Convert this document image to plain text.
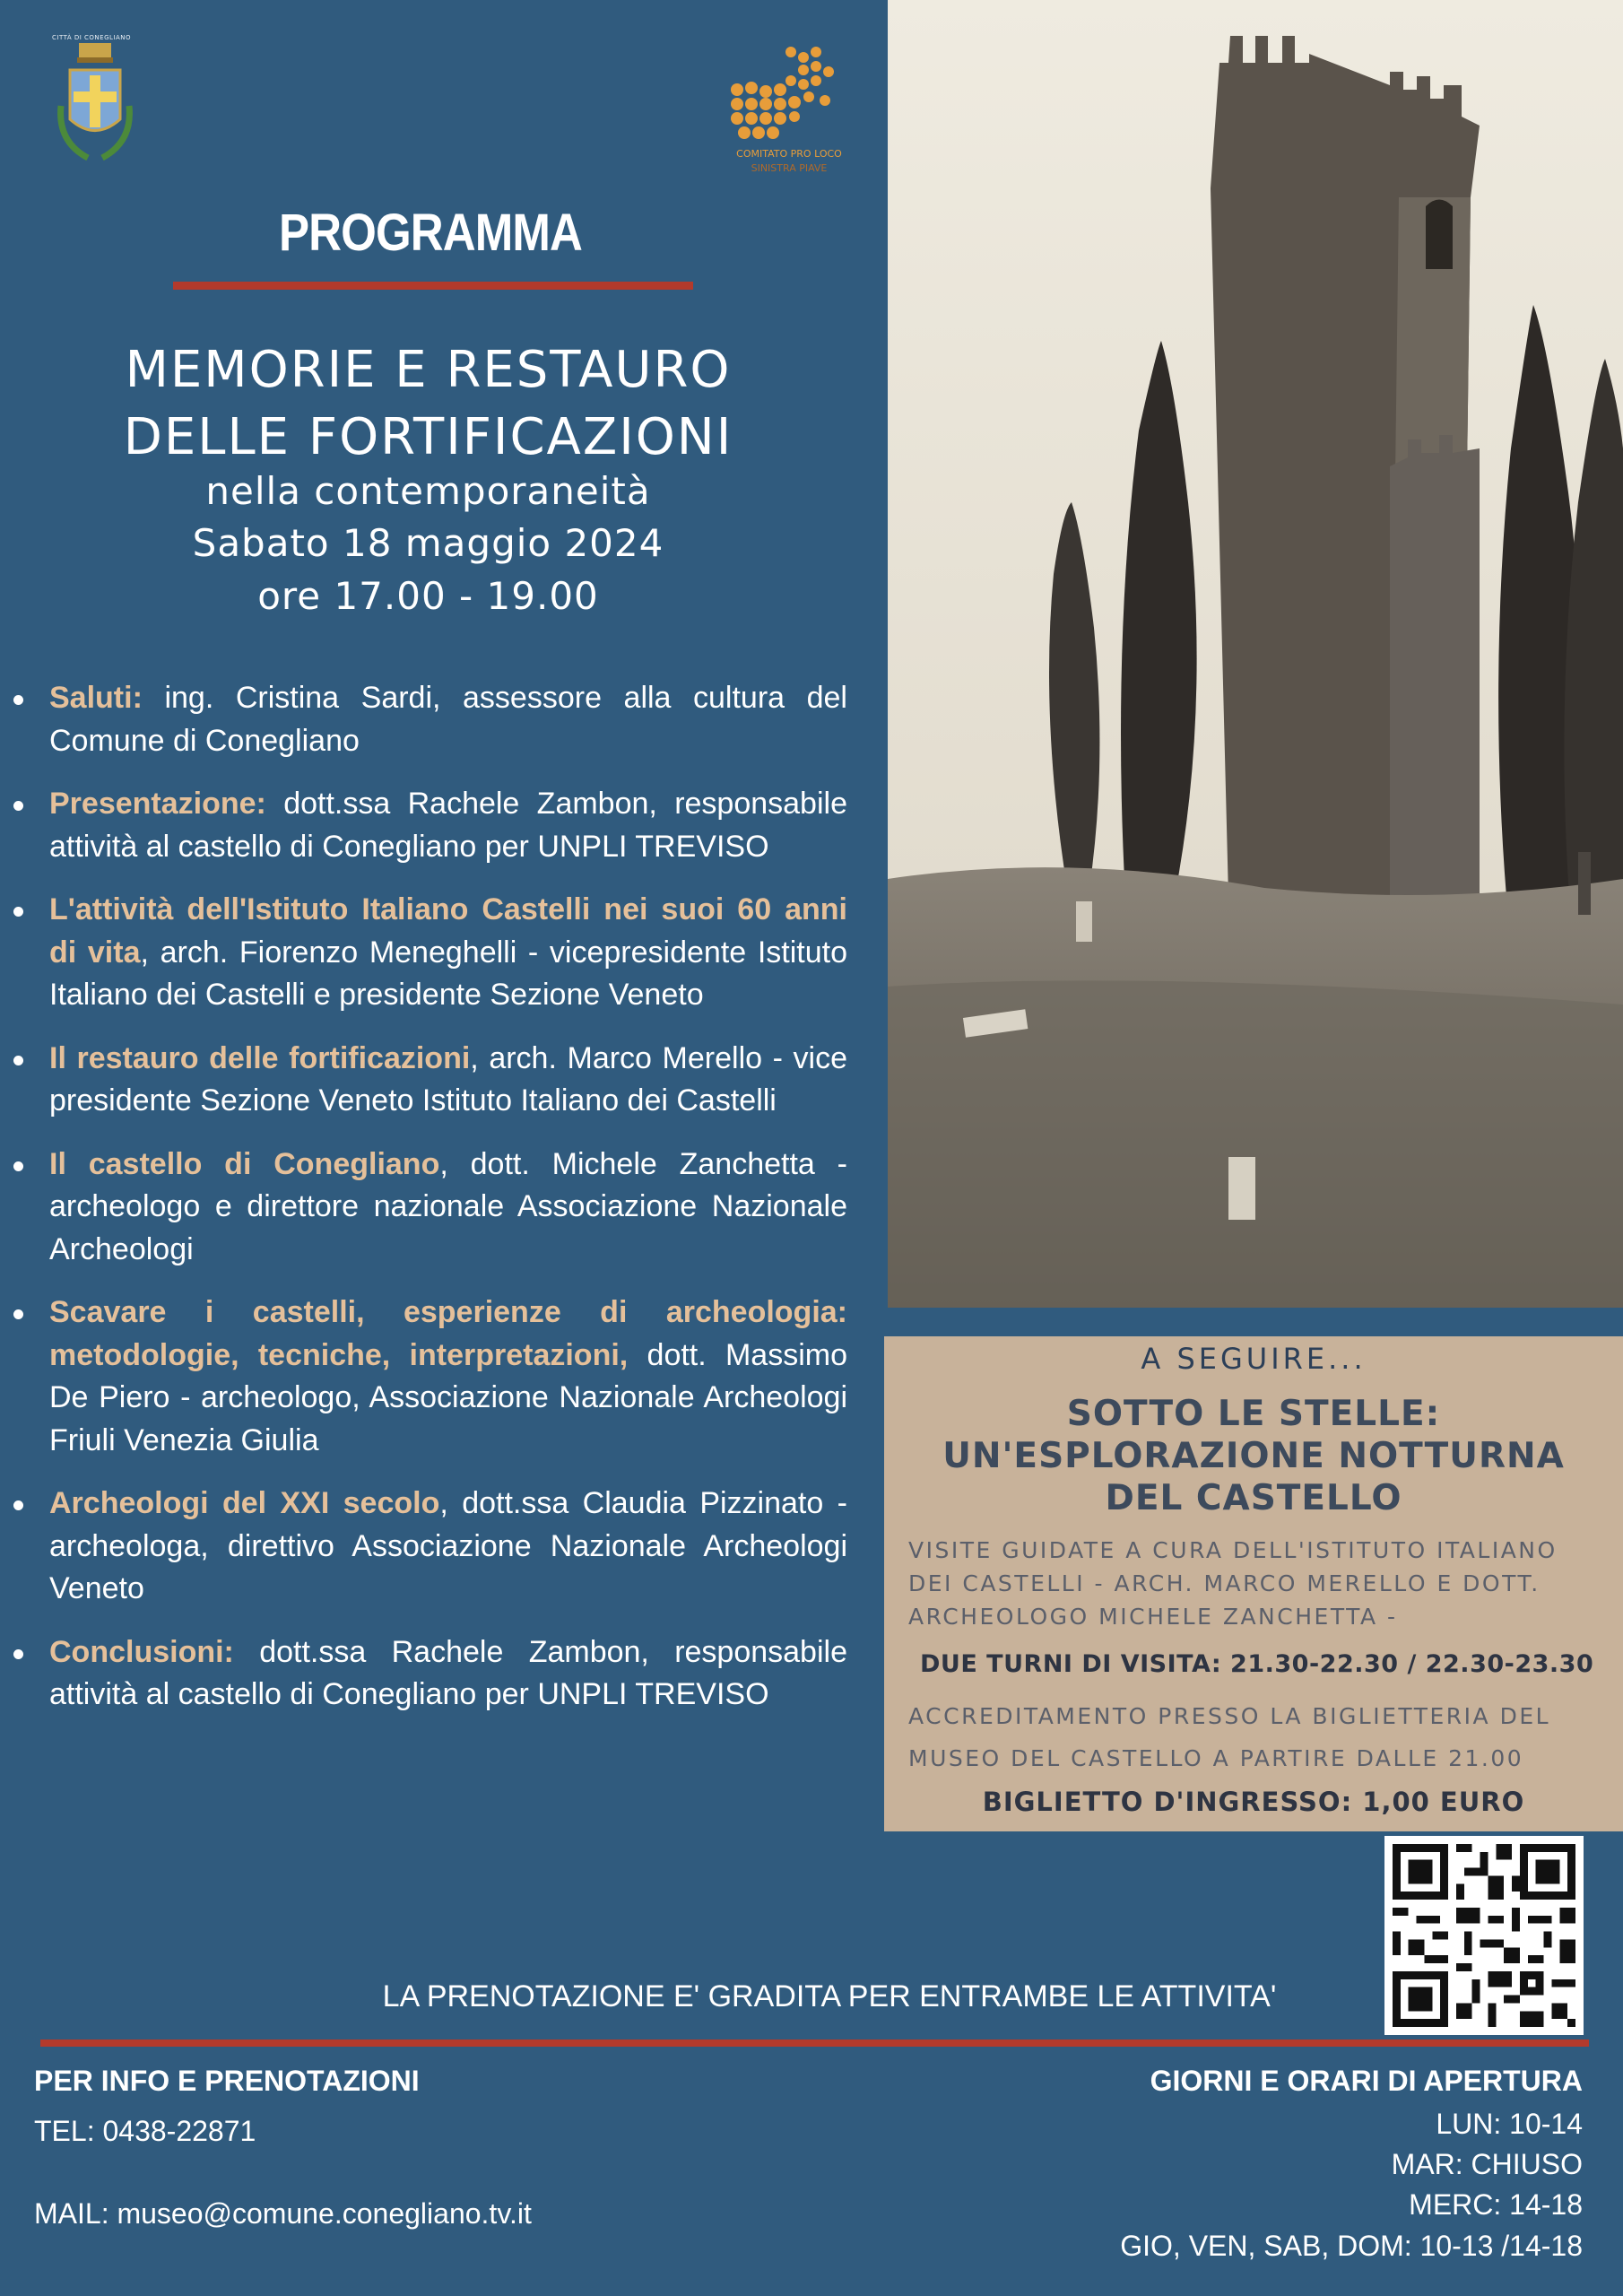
CITTÀ DI CONEGLIANO
COMITATO PRO LOCO
SINISTRA PIAVE
PROGRAMMA
MEMORIE E RESTAURO
DELLE FORTIFICAZIONI
nella contemporaneità
Sabato 18 maggio 2024
ore 17.00 - 19.00
Saluti: ing. Cristina Sardi, assessore alla cultura del Comune di Conegliano
Presentazione: dott.ssa Rachele Zambon, responsabile attività al castello di Conegliano per UNPLI TREVISO
L'attività dell'Istituto Italiano Castelli nei suoi 60 anni di vita, arch. Fiorenzo Meneghelli - vicepresidente Istituto Italiano dei Castelli e presidente Sezione Veneto
Il restauro delle fortificazioni, arch. Marco Merello - vice presidente Sezione Veneto Istituto Italiano dei Castelli
Il castello di Conegliano, dott. Michele Zanchetta - archeologo e direttore nazionale Associazione Nazionale Archeologi
Scavare i castelli, esperienze di archeologia: metodologie, tecniche, interpretazioni, dott. Massimo De Piero - archeologo, Associazione Nazionale Archeologi Friuli Venezia Giulia
Archeologi del XXI secolo, dott.ssa Claudia Pizzinato - archeologa, direttivo Associazione Nazionale Archeologi Veneto
Conclusioni: dott.ssa Rachele Zambon, responsabile attività al castello di Conegliano per UNPLI TREVISO
A SEGUIRE...
SOTTO LE STELLE:
UN'ESPLORAZIONE NOTTURNA
DEL CASTELLO
VISITE GUIDATE A CURA DELL'ISTITUTO ITALIANO DEI CASTELLI - ARCH. MARCO MERELLO E DOTT. ARCHEOLOGO MICHELE ZANCHETTA -
DUE TURNI DI VISITA: 21.30-22.30 / 22.30-23.30
ACCREDITAMENTO PRESSO LA BIGLIETTERIA DEL MUSEO DEL CASTELLO A PARTIRE DALLE 21.00
BIGLIETTO D'INGRESSO: 1,00 EURO
LA PRENOTAZIONE E' GRADITA PER ENTRAMBE LE ATTIVITA'
PER INFO E PRENOTAZIONI
TEL: 0438-22871
MAIL: museo@comune.conegliano.tv.it
GIORNI E ORARI DI APERTURA
LUN: 10-14
MAR: CHIUSO
MERC: 14-18
GIO, VEN, SAB, DOM: 10-13 /14-18
